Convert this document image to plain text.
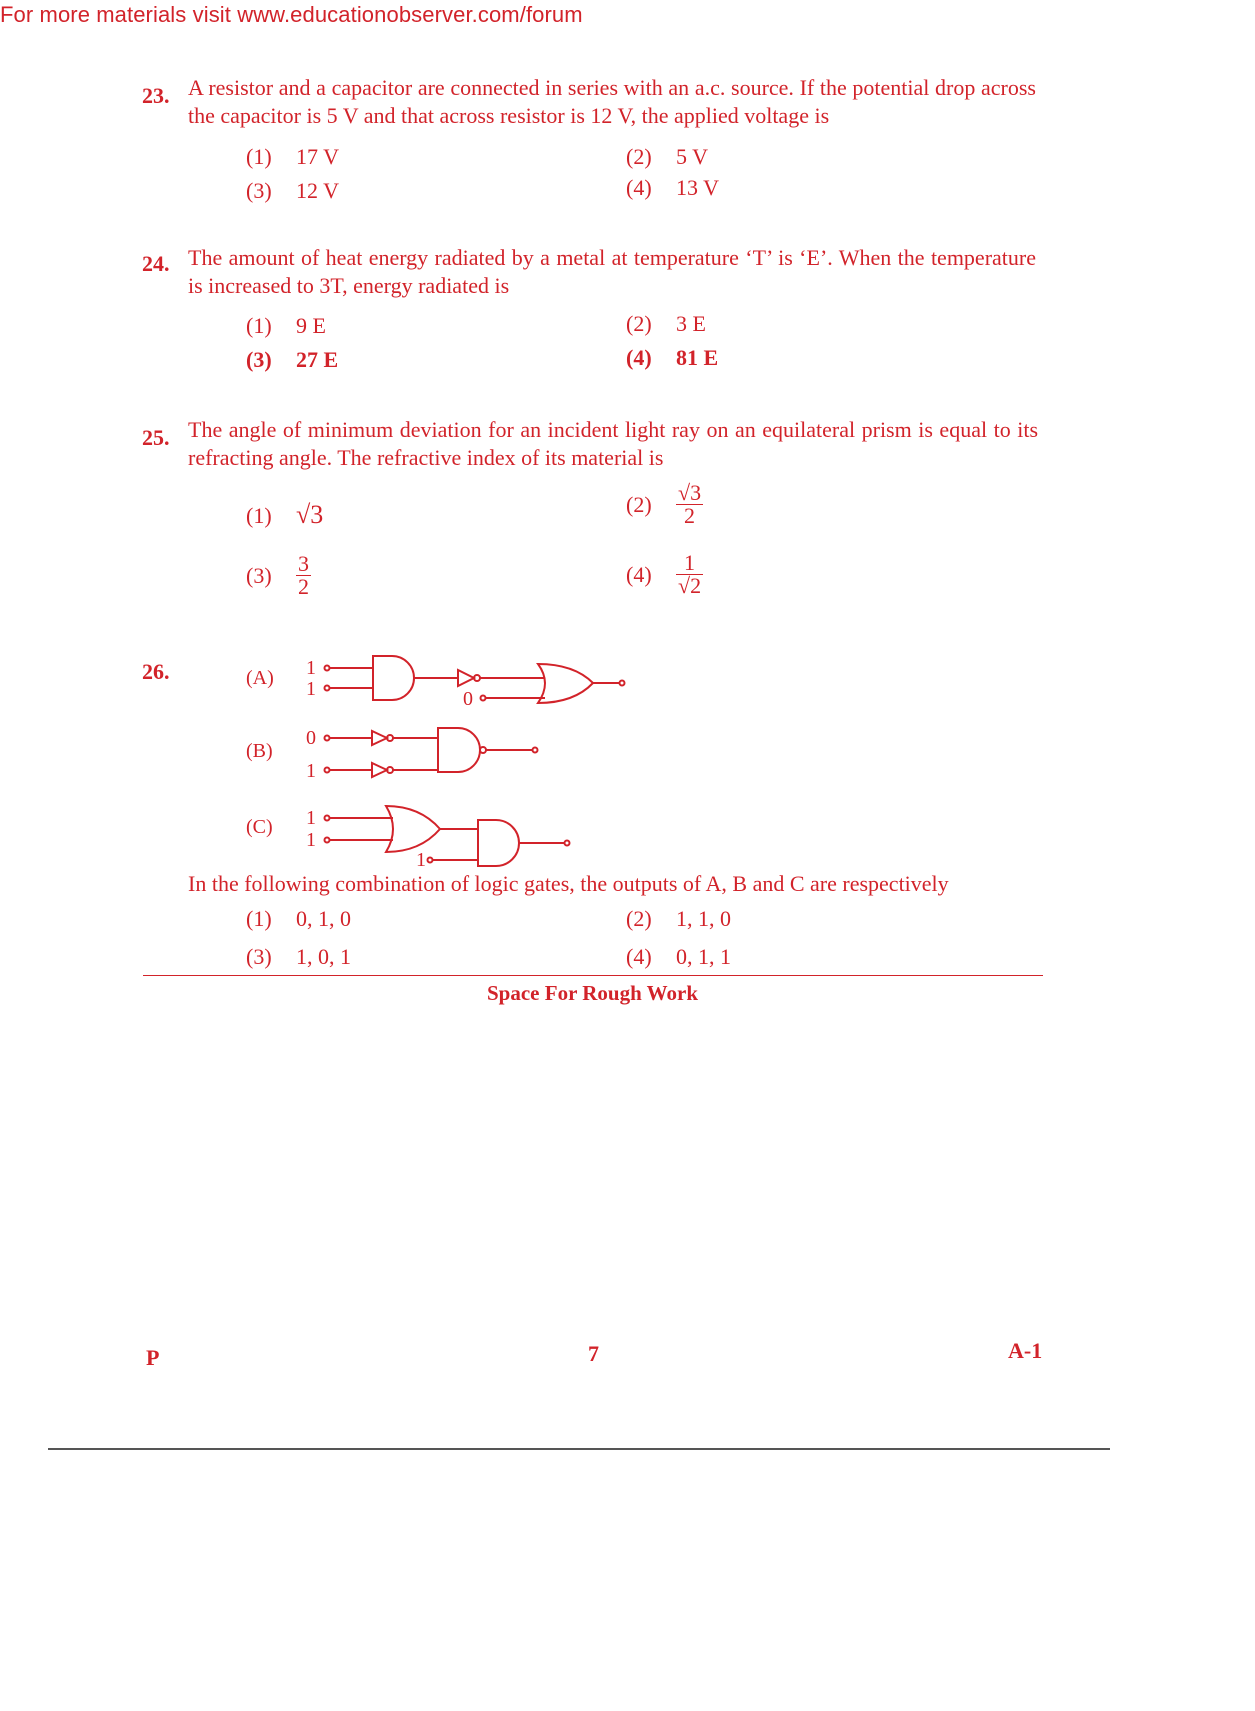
For more materials visit www.educationobserver.com/forum
23. A resistor and a capacitor are connected in series with an a.c. source. If the potential drop across the capacitor is 5 V and that across resistor is 12 V, the applied voltage is
(1) 17 V	(2) 5 V
(3) 12 V	(4) 13 V
24. The amount of heat energy radiated by a metal at temperature ‘T’ is ‘E’. When the temperature is increased to 3T, energy radiated is
(1) 9 E	(2) 3 E
(3) 27 E	(4) 81 E
25. The angle of minimum deviation for an incident light ray on an equilateral prism is equal to its refracting angle. The refractive index of its material is
(1) √3	$(2) \frac{√3}{2}$
$(3) \frac{3}{2}$	$(4) \frac{1}{√2}$
26.	(A) 1
1	0
(B)
0
1
(C) 1
1
1
In the following combination of logic gates, the outputs of A, B and C are respectively
(1) 0, 1, 0	(2) 1, 1, 0
(3) 1, 0, 1	(4) 0, 1, 1
Space For Rough Work
P	7	A-1
